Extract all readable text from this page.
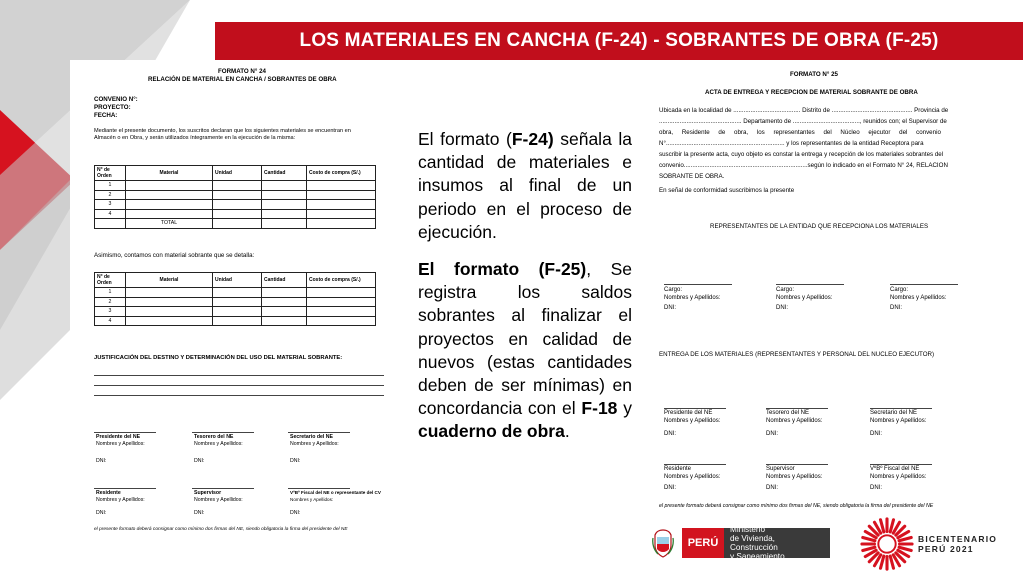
LOS MATERIALES EN CANCHA (F-24) - SOBRANTES DE OBRA (F-25)
FORMATO N° 24
RELACIÓN DE MATERIAL EN CANCHA / SOBRANTES DE OBRA
CONVENIO N°:
PROYECTO:
FECHA:
Mediante el presente documento, los suscritos declaran que los siguientes materiales se encuentran en
Almacén o en Obra, y serán utilizados íntegramente en la ejecución de la misma:
N° de Orden	Material	Unidad	Cantidad	Costo de compra (S/.)
1				
2				
3				
4				
	TOTAL			
Asimismo, contamos con material sobrante que se detalla:
N° de Orden	Material	Unidad	Cantidad	Costo de compra (S/.)
1				
2				
3				
4				
JUSTIFICACIÓN DEL DESTINO Y DETERMINACIÓN DEL USO DEL MATERIAL SOBRANTE:
Presidente del NE
Nombres y Apellidos:
Tesorero del NE
Nombres y Apellidos:
Secretario del NE
Nombres y Apellidos:
DNI:	DNI:	DNI:
Residente
Nombres y Apellidos:
Supervisor
Nombres y Apellidos:
VºBº Fiscal del NE o representante del CV
Nombres y Apellidos:
DNI:	DNI:	DNI:
el presente formato deberá consignar como mínimo dos firmas del NE, siendo obligatoria la firma del presidente del NE

El formato (F-24) señala la cantidad de materiales e insumos al final de un periodo en el proceso de ejecución.

El formato (F-25), Se registra los saldos sobrantes al finalizar el proyectos en calidad de nuevos (estas cantidades deben de ser mínimas) en concordancia con el F-18 y cuaderno de obra.

FORMATO N° 25
ACTA DE ENTREGA Y RECEPCION DE MATERIAL SOBRANTE DE OBRA
Ubicada en la localidad de ....................................... Distrito de ............................................... Provincia de
................................................ Departamento de ......................................., reunidos con; el Supervisor de
obra, Residente de obra, los representantes del Núcleo ejecutor del convenio
N°..................................................................... y los representantes de la entidad Receptora para
suscribir la presente acta, cuyo objeto es constar la entrega y recepción de los materiales sobrantes del
convenio........................................................................según lo indicado en el Formato N° 24, RELACION
SOBRANTE DE OBRA.
En señal de conformidad suscribimos la presente
REPRESENTANTES DE LA ENTIDAD QUE RECEPCIONA LOS MATERIALES
Cargo:
Nombres y Apellidos:
DNI:
Cargo:
Nombres y Apellidos:
DNI:
Cargo:
Nombres y Apellidos:
DNI:
ENTREGA DE LOS MATERIALES (REPRESENTANTES Y PERSONAL DEL NUCLEO EJECUTOR)
Presidente del NE
Nombres y Apellidos:
DNI:
Tesorero del NE
Nombres y Apellidos:
DNI:
Secretario del NE
Nombres y Apellidos:
DNI:
Residente
Nombres y Apellidos:
DNI:
Supervisor
Nombres y Apellidos:
DNI:
VºBº Fiscal del NE
Nombres y Apellidos:
DNI:
el presente formato deberá consignar como mínimo dos firmas del NE, siendo obligatoria la firma del presidente del NE
PERÚ
Ministerio
de Vivienda, Construcción
y Saneamiento
BICENTENARIO
PERÚ 2021
